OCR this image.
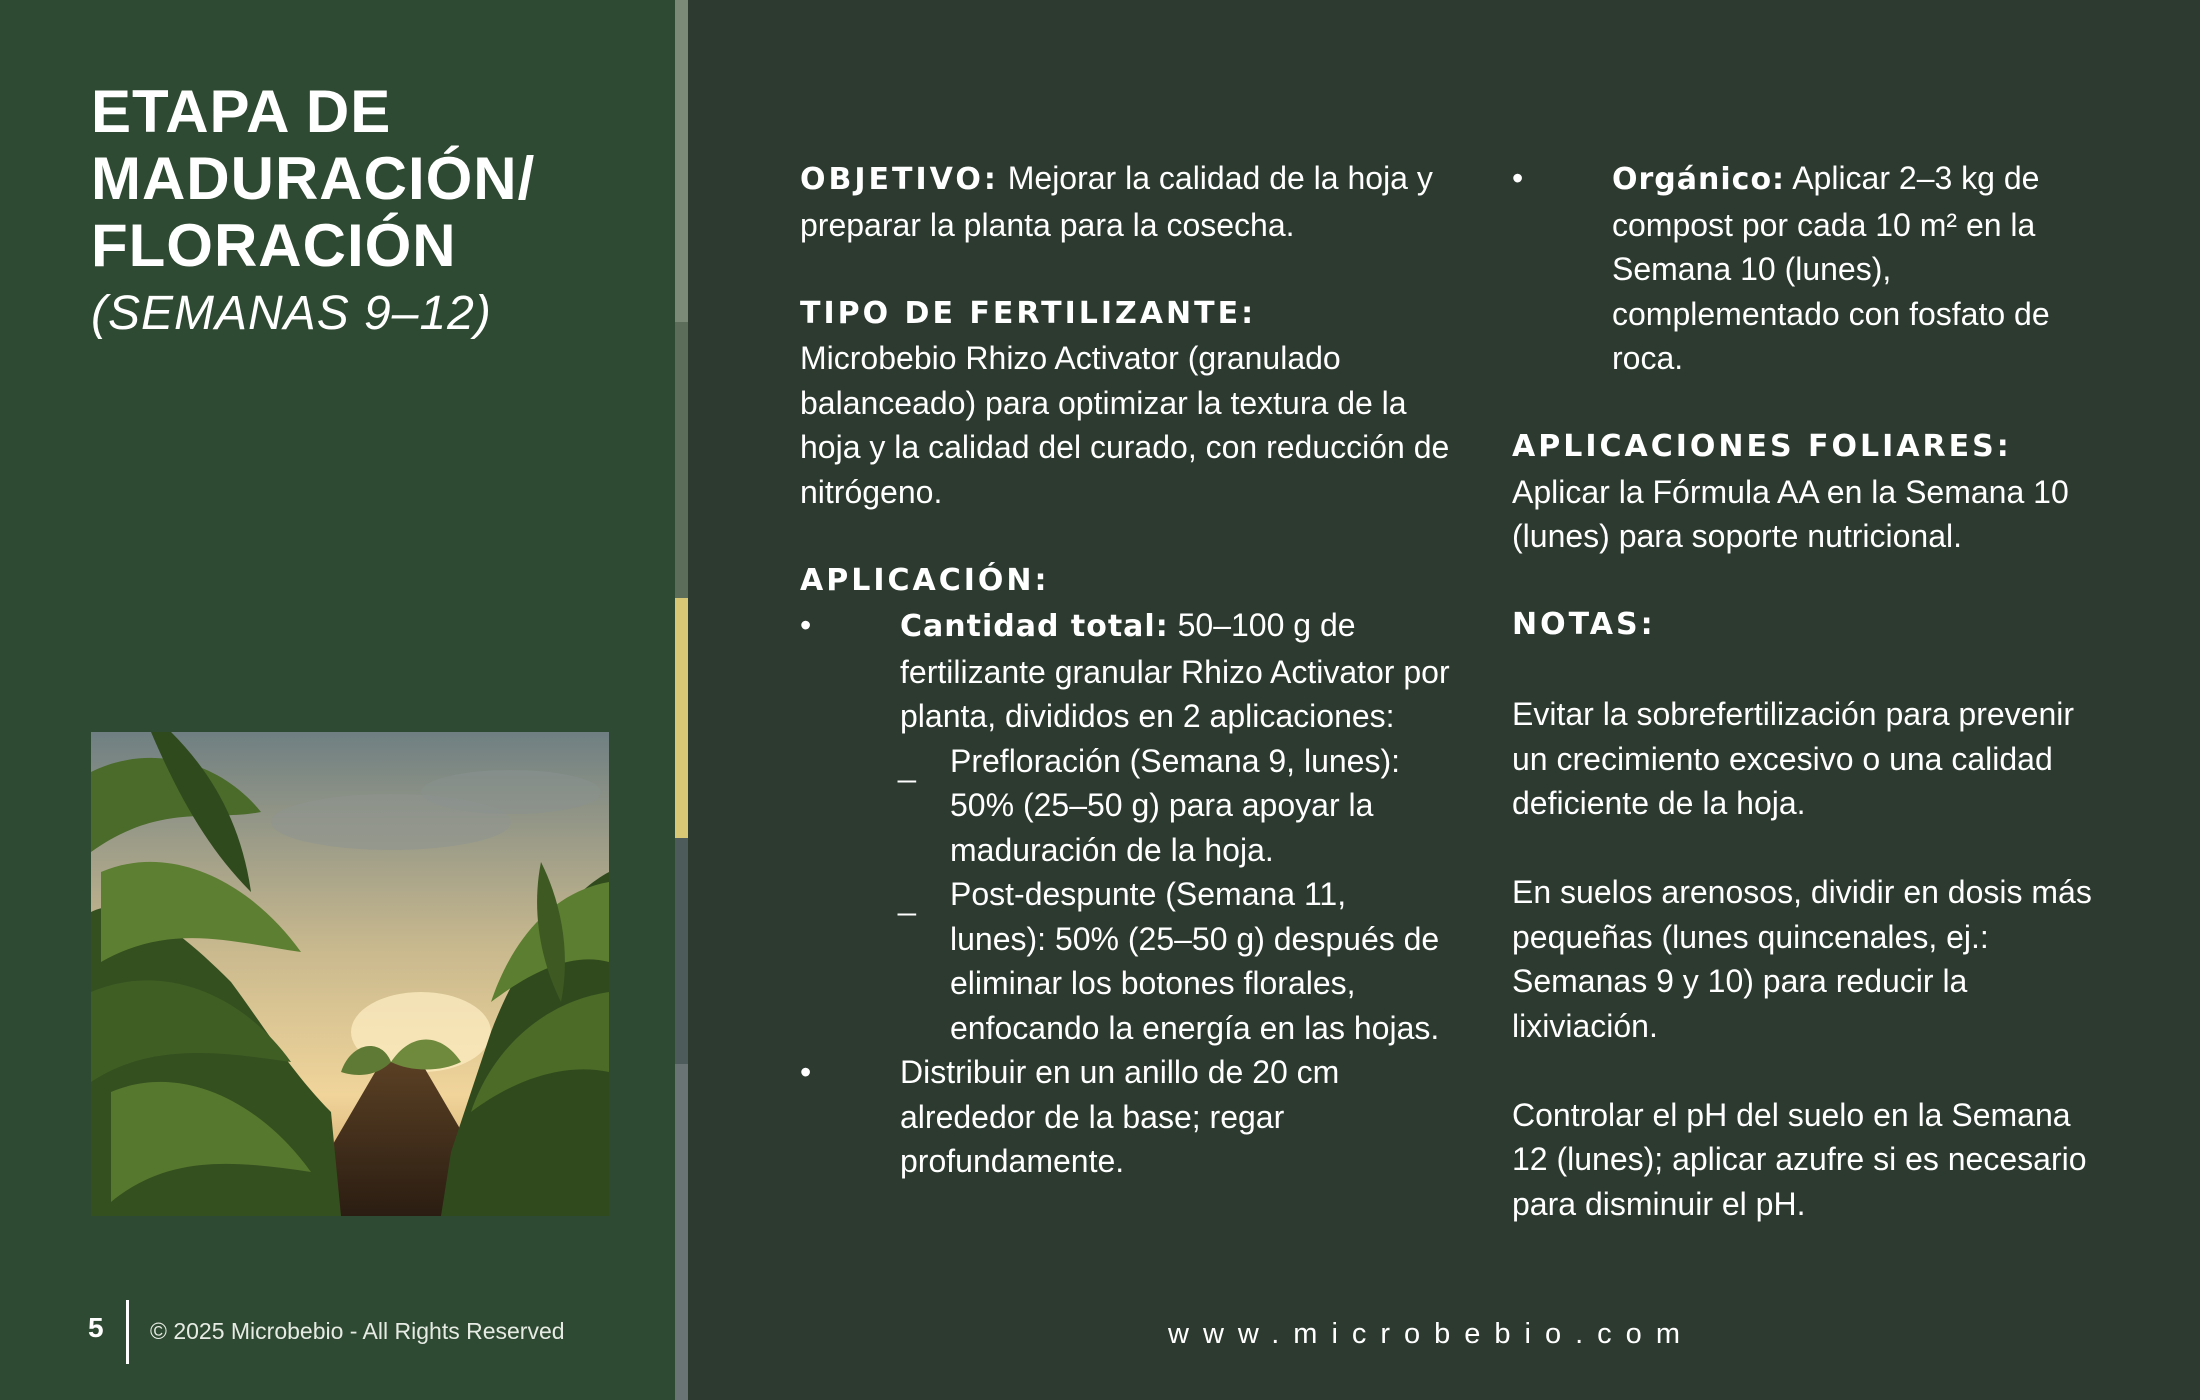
ETAPA DE MADURACIÓN/ FLORACIÓN
(SEMANAS 9–12)
5 © 2025 Microbebio - All Rights Reserved	www.microbebio.com

OBJETIVO: Mejorar la calidad de la hoja y preparar la planta para la cosecha.

TIPO DE FERTILIZANTE:

Microbebio Rhizo Activator (granulado balanceado) para optimizar la textura de la hoja y la calidad del curado, con reducción de nitrógeno.

APLICACIÓN:

•	Cantidad total: 50–100 g de fertilizante granular Rhizo Activator por planta, divididos en 2 aplicaciones:

_ Prefloración (Semana 9, lunes): 50% (25–50 g) para apoyar la maduración de la hoja.

_ Post-despunte (Semana 11, lunes): 50% (25–50 g) después de eliminar los botones florales, enfocando la energía en las hojas.

•	Distribuir en un anillo de 20 cm alrededor de la base; regar profundamente.

•	Orgánico: Aplicar 2–3 kg de compost por cada 10 m² en la Semana 10 (lunes), complementado con fosfato de roca.

APLICACIONES FOLIARES:

Aplicar la Fórmula AA en la Semana 10 (lunes) para soporte nutricional.

NOTAS:

Evitar la sobrefertilización para prevenir un crecimiento excesivo o una calidad deficiente de la hoja.

En suelos arenosos, dividir en dosis más pequeñas (lunes quincenales, ej.: Semanas 9 y 10) para reducir la lixiviación.

Controlar el pH del suelo en la Semana 12 (lunes); aplicar azufre si es necesario para disminuir el pH.
